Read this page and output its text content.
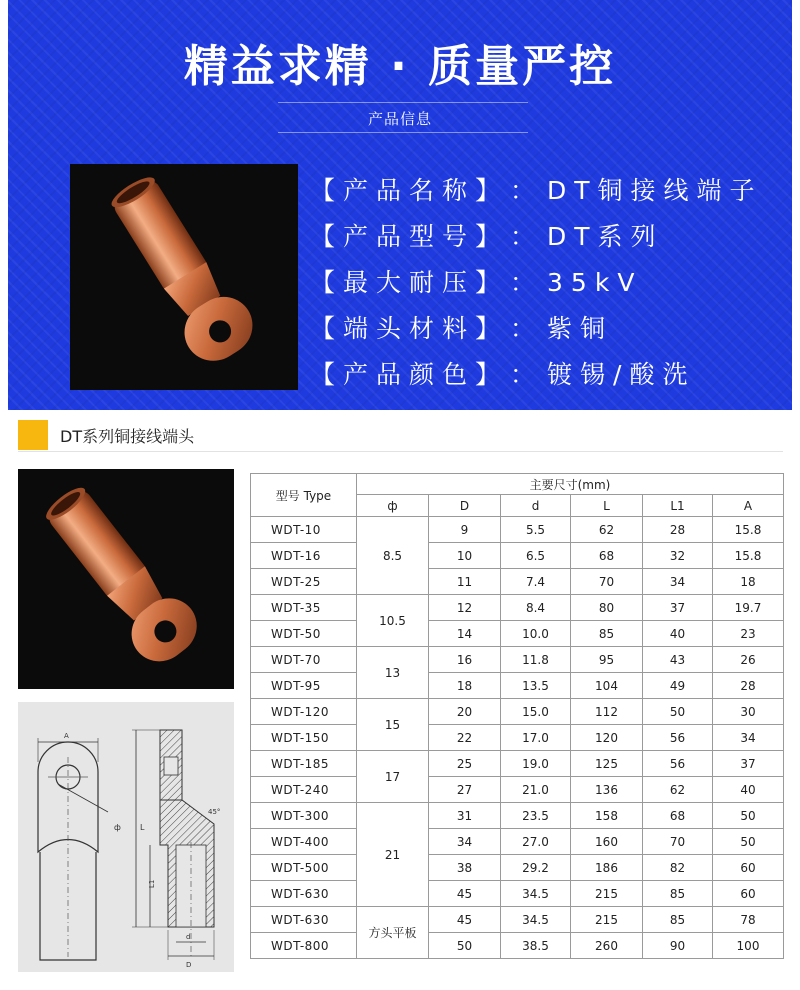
精益求精 · 质量严控
产品信息
【产品名称】： DT铜接线端子
【产品型号】： DT系列
【最大耐压】： 35kV
【端头材料】： 紫铜
【产品颜色】： 镀锡/酸洗
DT系列铜接线端头
A
ф L
L1
45°
d
D
型号 Type	主要尺寸(mm)					
	ф	D	d	L	L1	A
WDT-10	8.5	9	5.5	62	28	15.8
WDT-16		10	6.5	68	32	15.8
WDT-25		11	7.4	70	34	18
WDT-35	10.5	12	8.4	80	37	19.7
WDT-50		14	10.0	85	40	23
WDT-70	13	16	11.8	95	43	26
WDT-95		18	13.5	104	49	28
WDT-120	15	20	15.0	112	50	30
WDT-150		22	17.0	120	56	34
WDT-185	17	25	19.0	125	56	37
WDT-240		27	21.0	136	62	40
WDT-300	21	31	23.5	158	68	50
WDT-400		34	27.0	160	70	50
WDT-500		38	29.2	186	82	60
WDT-630		45	34.5	215	85	60
WDT-630	方头平板	45	34.5	215	85	78
WDT-800		50	38.5	260	90	100
